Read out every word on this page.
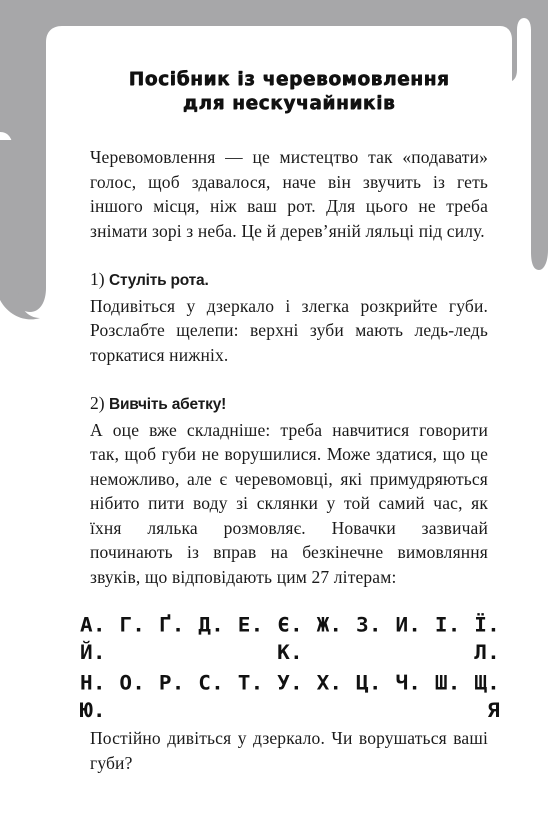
Посібник із черевомовлення
для нескучайників

Черевомовлення — це мистецтво так «подавати» голос, щоб здавалося, наче він звучить із геть іншого місця, ніж ваш рот. Для цього не треба знімати зорі з неба. Це й дерев’яній ляльці під силу.

1) Стуліть рота.

Подивіться у дзеркало і злегка розкрийте губи. Розслабте щелепи: верхні зуби мають ледь-ледь торкатися нижніх.

2) Вивчіть абетку!

А оце вже складніше: треба навчитися говорити так, щоб губи не ворушилися. Може здатися, що це неможливо, але є черевомовці, які примудряються нібито пити воду зі склянки у той самий час, як їхня лялька розмовляє. Новачки зазвичай починають із вправ на безкінечне вимовляння звуків, що відповідають цим 27 літерам:

А. Г. Ґ. Д. Е. Є. Ж. З. И. І. Ї. Й. К. Л.
Н. О. Р. С. Т. У. Х. Ц. Ч. Ш. Щ. Ю. Я

Постійно дивіться у дзеркало. Чи ворушаться ваші губи?
